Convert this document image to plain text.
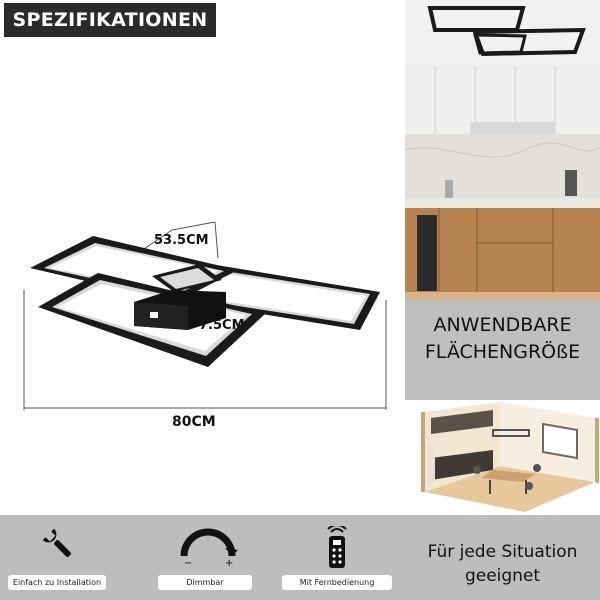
SPEZIFIKATIONEN
53.5CM
7.5CM
80CM
ANWENDBARE
FLÄCHENGRÖßE
Einfach zu Installation
−	+
Dimmbar	Mit Fernbedienung
Für jede Situation
geeignet
